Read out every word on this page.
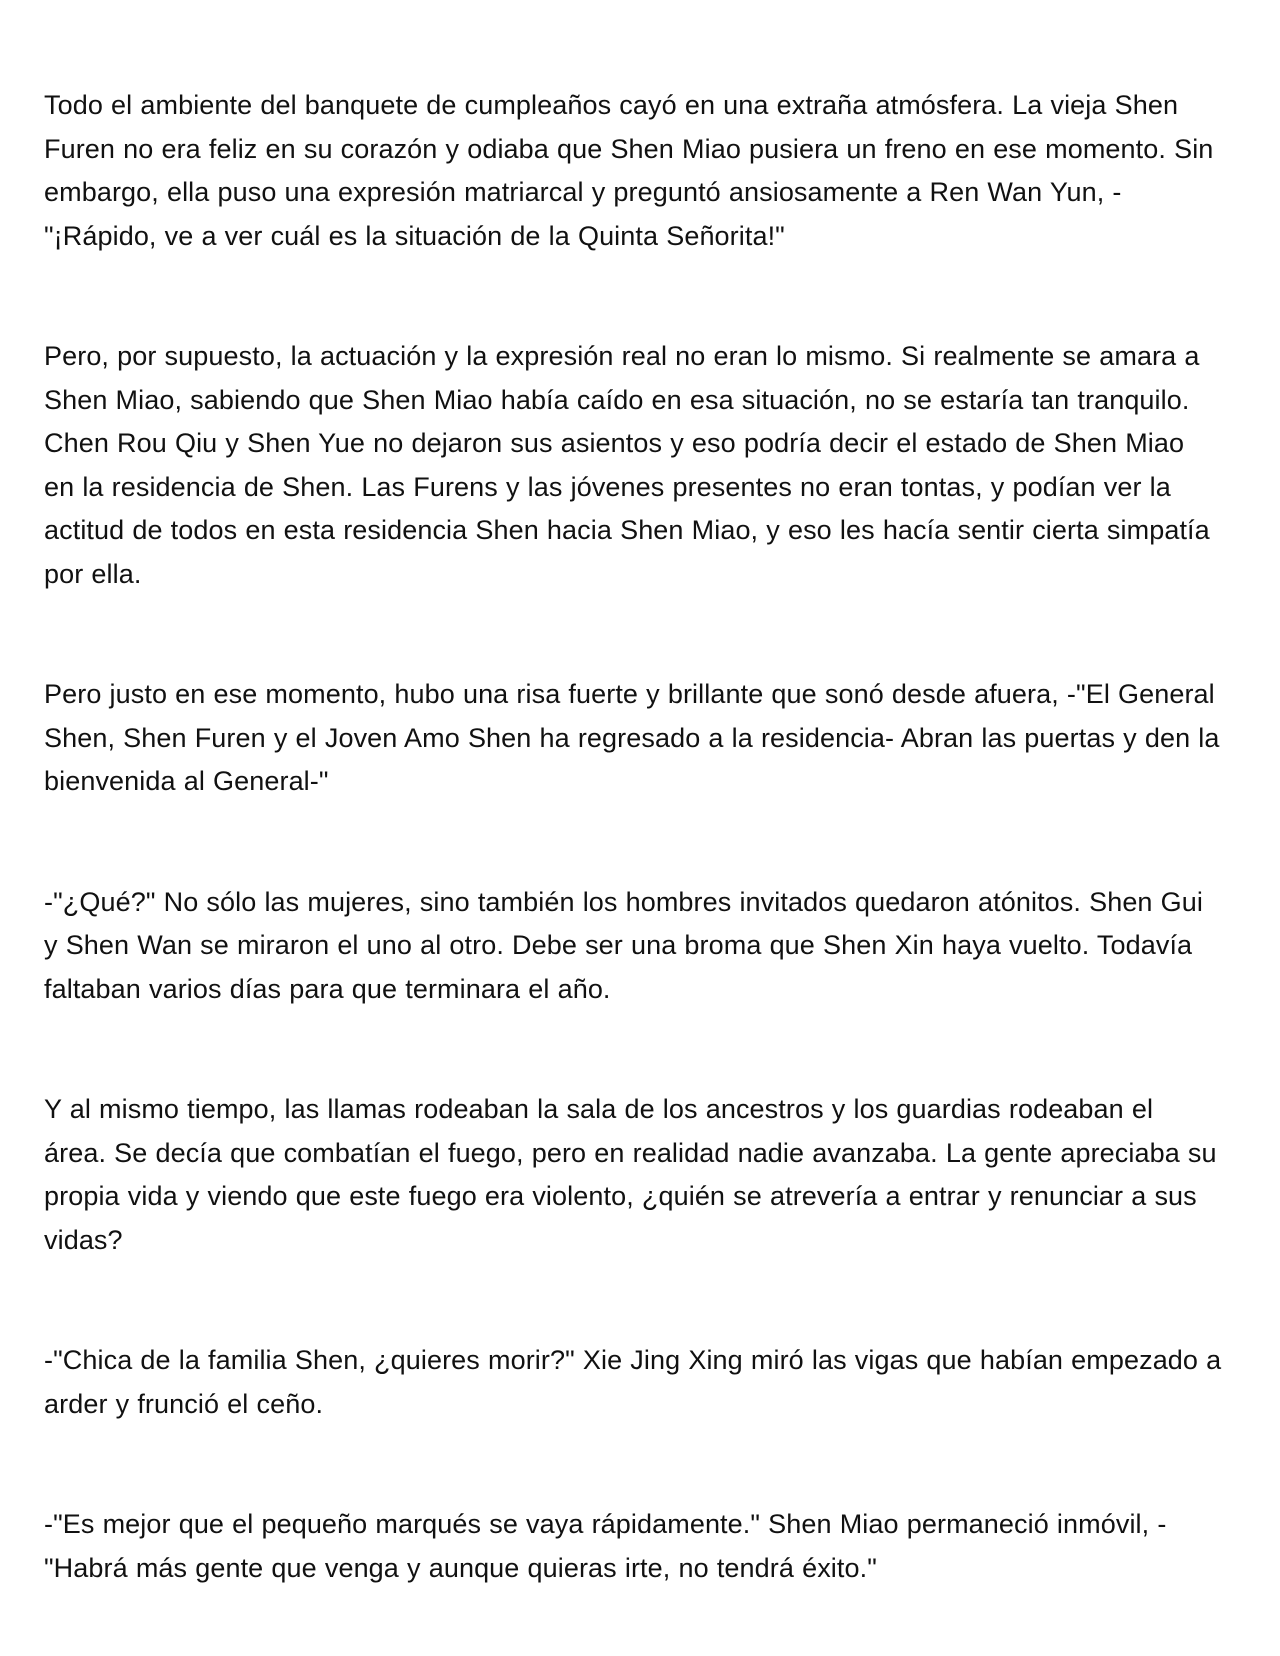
Todo el ambiente del banquete de cumpleaños cayó en una extraña atmósfera. La vieja Shen Furen no era feliz en su corazón y odiaba que Shen Miao pusiera un freno en ese momento. Sin embargo, ella puso una expresión matriarcal y preguntó ansiosamente a Ren Wan Yun, -"¡Rápido, ve a ver cuál es la situación de la Quinta Señorita!"

Pero, por supuesto, la actuación y la expresión real no eran lo mismo. Si realmente se amara a Shen Miao, sabiendo que Shen Miao había caído en esa situación, no se estaría tan tranquilo. Chen Rou Qiu y Shen Yue no dejaron sus asientos y eso podría decir el estado de Shen Miao en la residencia de Shen. Las Furens y las jóvenes presentes no eran tontas, y podían ver la actitud de todos en esta residencia Shen hacia Shen Miao, y eso les hacía sentir cierta simpatía por ella.

Pero justo en ese momento, hubo una risa fuerte y brillante que sonó desde afuera, -"El General Shen, Shen Furen y el Joven Amo Shen ha regresado a la residencia- Abran las puertas y den la bienvenida al General-"

-"¿Qué?" No sólo las mujeres, sino también los hombres invitados quedaron atónitos. Shen Gui y Shen Wan se miraron el uno al otro. Debe ser una broma que Shen Xin haya vuelto. Todavía faltaban varios días para que terminara el año.

Y al mismo tiempo, las llamas rodeaban la sala de los ancestros y los guardias rodeaban el área. Se decía que combatían el fuego, pero en realidad nadie avanzaba. La gente apreciaba su propia vida y viendo que este fuego era violento, ¿quién se atrevería a entrar y renunciar a sus vidas?

-"Chica de la familia Shen, ¿quieres morir?" Xie Jing Xing miró las vigas que habían empezado a arder y frunció el ceño.

-"Es mejor que el pequeño marqués se vaya rápidamente." Shen Miao permaneció inmóvil, -"Habrá más gente que venga y aunque quieras irte, no tendrá éxito."
